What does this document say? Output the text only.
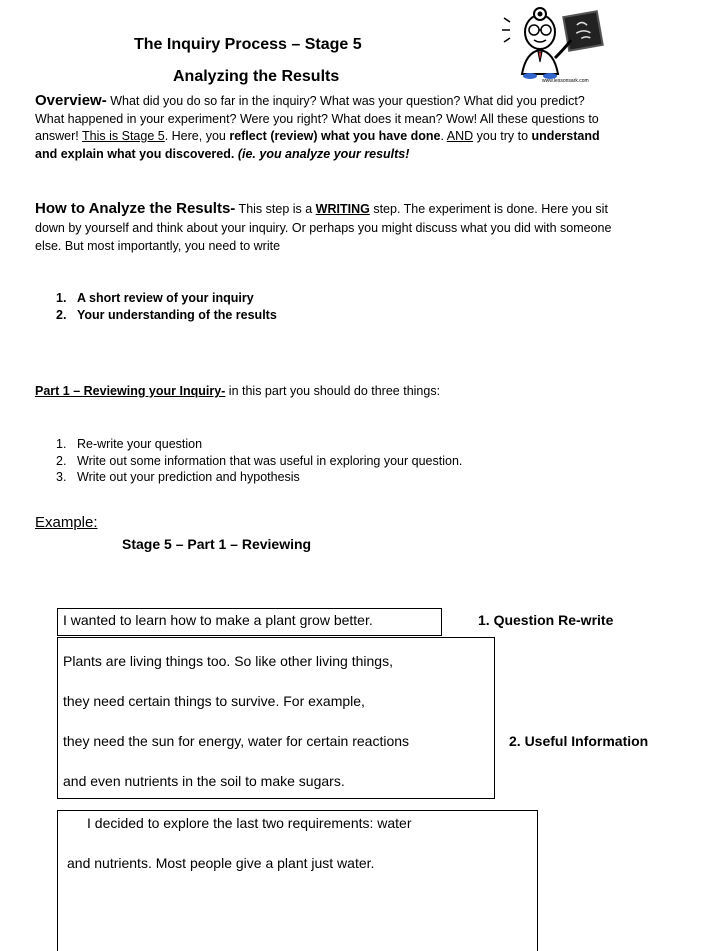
The Inquiry Process – Stage 5
Analyzing the Results	www.lessonsark.com
Overview- What did you do so far in the inquiry? What was your question? What did you predict?
What happened in your experiment? Were you right? What does it mean? Wow! All these questions to
answer! This is Stage 5. Here, you reflect (review) what you have done. AND you try to understand
and explain what you discovered. (ie. you analyze your results!
How to Analyze the Results- This step is a WRITING step. The experiment is done. Here you sit
down by yourself and think about your inquiry. Or perhaps you might discuss what you did with someone
else. But most importantly, you need to write
1. A short review of your inquiry
2. Your understanding of the results
Part 1 – Reviewing your Inquiry- in this part you should do three things:
1. Re-write your question
2. Write out some information that was useful in exploring your question.
3. Write out your prediction and hypothesis
Example:
Stage 5 – Part 1 – Reviewing
I wanted to learn how to make a plant grow better.	1. Question Re-write
Plants are living things too. So like other living things,
they need certain things to survive. For example,
they need the sun for energy, water for certain reactions
and even nutrients in the soil to make sugars.
2. Useful Information
I decided to explore the last two requirements: water
and nutrients. Most people give a plant just water.
